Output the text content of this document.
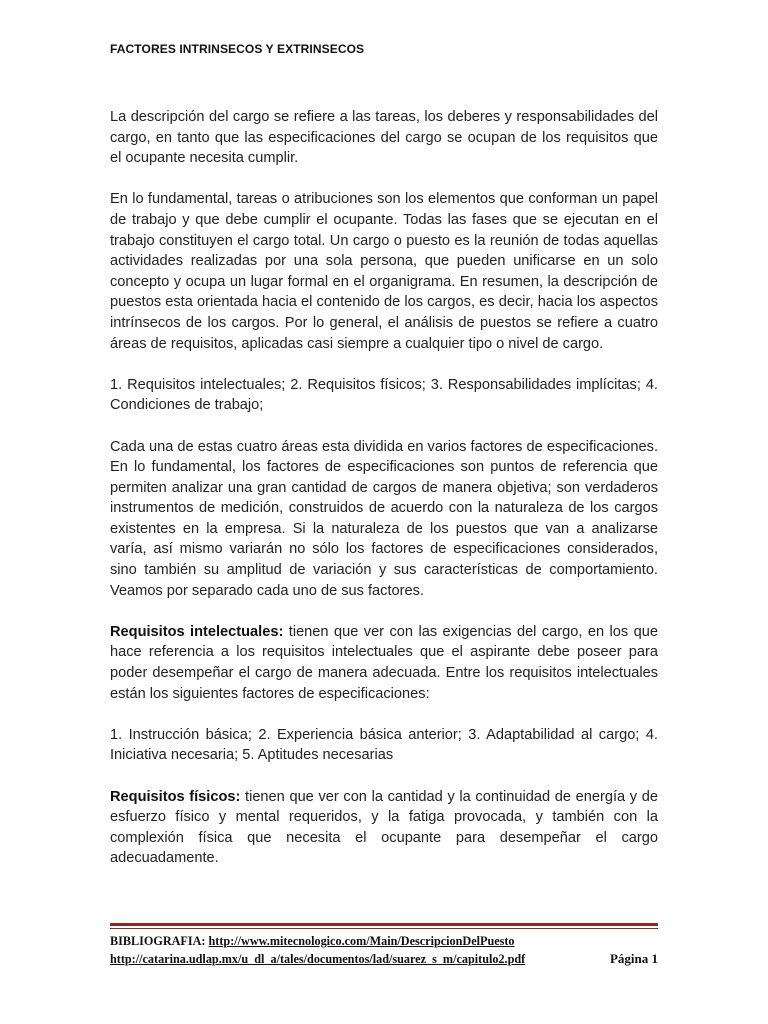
FACTORES INTRINSECOS Y EXTRINSECOS

La descripción del cargo se refiere a las tareas, los deberes y responsabilidades del cargo, en tanto que las especificaciones del cargo se ocupan de los requisitos que el ocupante necesita cumplir.

En lo fundamental, tareas o atribuciones son los elementos que conforman un papel de trabajo y que debe cumplir el ocupante. Todas las fases que se ejecutan en el trabajo constituyen el cargo total. Un cargo o puesto es la reunión de todas aquellas actividades realizadas por una sola persona, que pueden unificarse en un solo concepto y ocupa un lugar formal en el organigrama. En resumen, la descripción de puestos esta orientada hacia el contenido de los cargos, es decir, hacia los aspectos intrínsecos de los cargos. Por lo general, el análisis de puestos se refiere a cuatro áreas de requisitos, aplicadas casi siempre a cualquier tipo o nivel de cargo.

1. Requisitos intelectuales; 2. Requisitos físicos; 3. Responsabilidades implícitas; 4. Condiciones de trabajo;

Cada una de estas cuatro áreas esta dividida en varios factores de especificaciones. En lo fundamental, los factores de especificaciones son puntos de referencia que permiten analizar una gran cantidad de cargos de manera objetiva; son verdaderos instrumentos de medición, construidos de acuerdo con la naturaleza de los cargos existentes en la empresa. Si la naturaleza de los puestos que van a analizarse varía, así mismo variarán no sólo los factores de especificaciones considerados, sino también su amplitud de variación y sus características de comportamiento. Veamos por separado cada uno de sus factores.

Requisitos intelectuales: tienen que ver con las exigencias del cargo, en los que hace referencia a los requisitos intelectuales que el aspirante debe poseer para poder desempeñar el cargo de manera adecuada. Entre los requisitos intelectuales están los siguientes factores de especificaciones:

1. Instrucción básica; 2. Experiencia básica anterior; 3. Adaptabilidad al cargo; 4. Iniciativa necesaria; 5. Aptitudes necesarias

Requisitos físicos: tienen que ver con la cantidad y la continuidad de energía y de esfuerzo físico y mental requeridos, y la fatiga provocada, y también con la complexión física que necesita el ocupante para desempeñar el cargo adecuadamente.

BIBLIOGRAFIA: http://www.mitecnologico.com/Main/DescripcionDelPuesto
http://catarina.udlap.mx/u_dl_a/tales/documentos/lad/suarez_s_m/capitulo2.pdf	Página 1
